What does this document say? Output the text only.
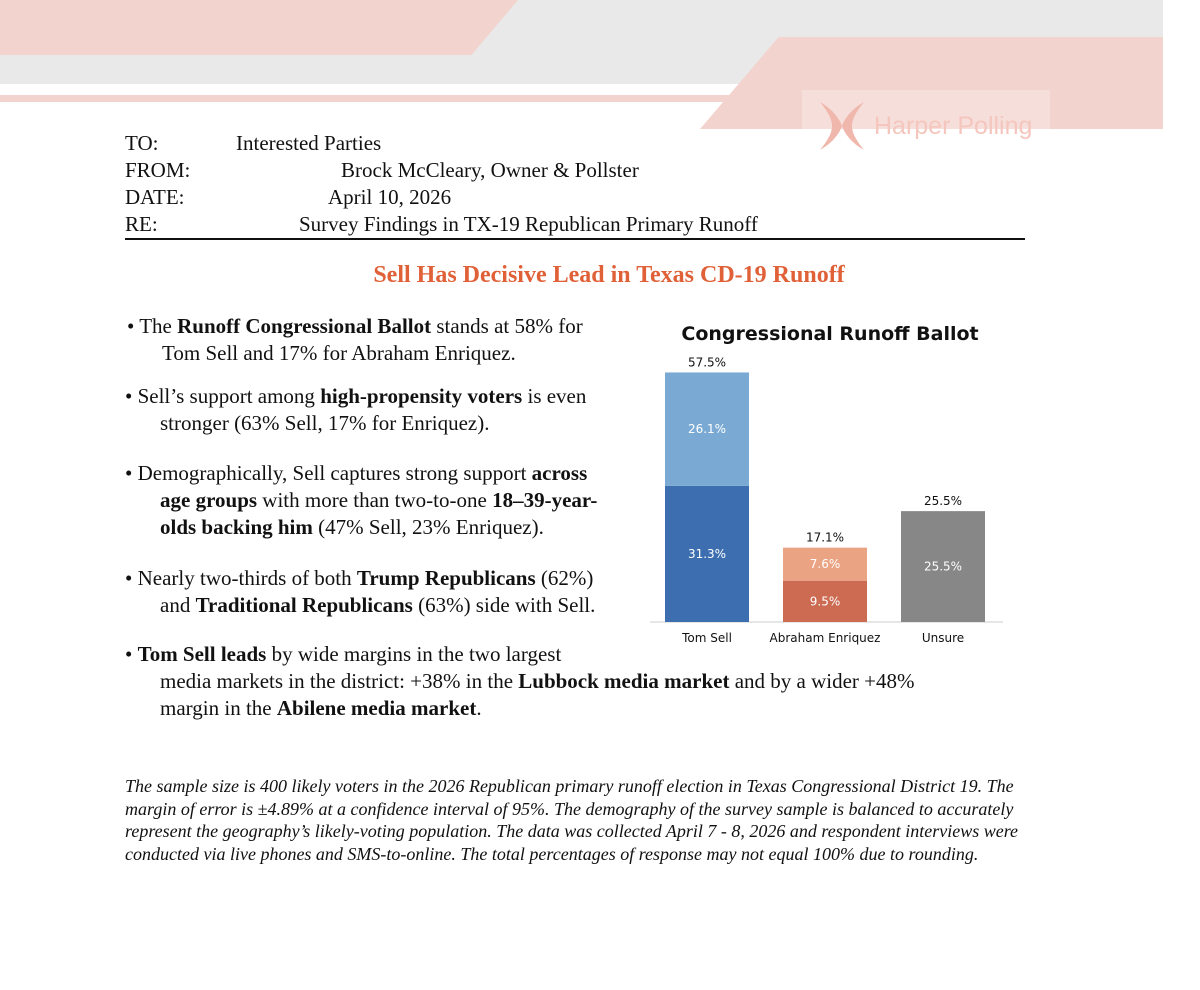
Harper Polling
TO:	Interested Parties
FROM:	Brock McCleary, Owner & Pollster
DATE:	April 10, 2026
RE:	Survey Findings in TX-19 Republican Primary Runoff
Sell Has Decisive Lead in Texas CD-19 Runoff
• The Runoff Congressional Ballot stands at 58% for
Tom Sell and 17% for Abraham Enriquez.
• Sell’s support among high-propensity voters is even
stronger (63% Sell, 17% for Enriquez).
• Demographically, Sell captures strong support across
age groups with more than two-to-one 18–39-year-
olds backing him (47% Sell, 23% Enriquez).
• Nearly two-thirds of both Trump Republicans (62%)
and Traditional Republicans (63%) side with Sell.
• Tom Sell leads by wide margins in the two largest
media markets in the district: +38% in the Lubbock media market and by a wider +48%
margin in the Abilene media market.
Congressional Runoff Ballot
31.3%
26.1%
57.5%
Tom Sell
9.5%
7.6%
17.1%
Abraham Enriquez
25.5%
25.5%
Unsure
The sample size is 400 likely voters in the 2026 Republican primary runoff election in Texas Congressional District 19. The margin of error is ±4.89% at a confidence interval of 95%. The demography of the survey sample is balanced to accurately represent the geography’s likely-voting population. The data was collected April 7 - 8, 2026 and respondent interviews were conducted via live phones and SMS-to-online. The total percentages of response may not equal 100% due to rounding.
